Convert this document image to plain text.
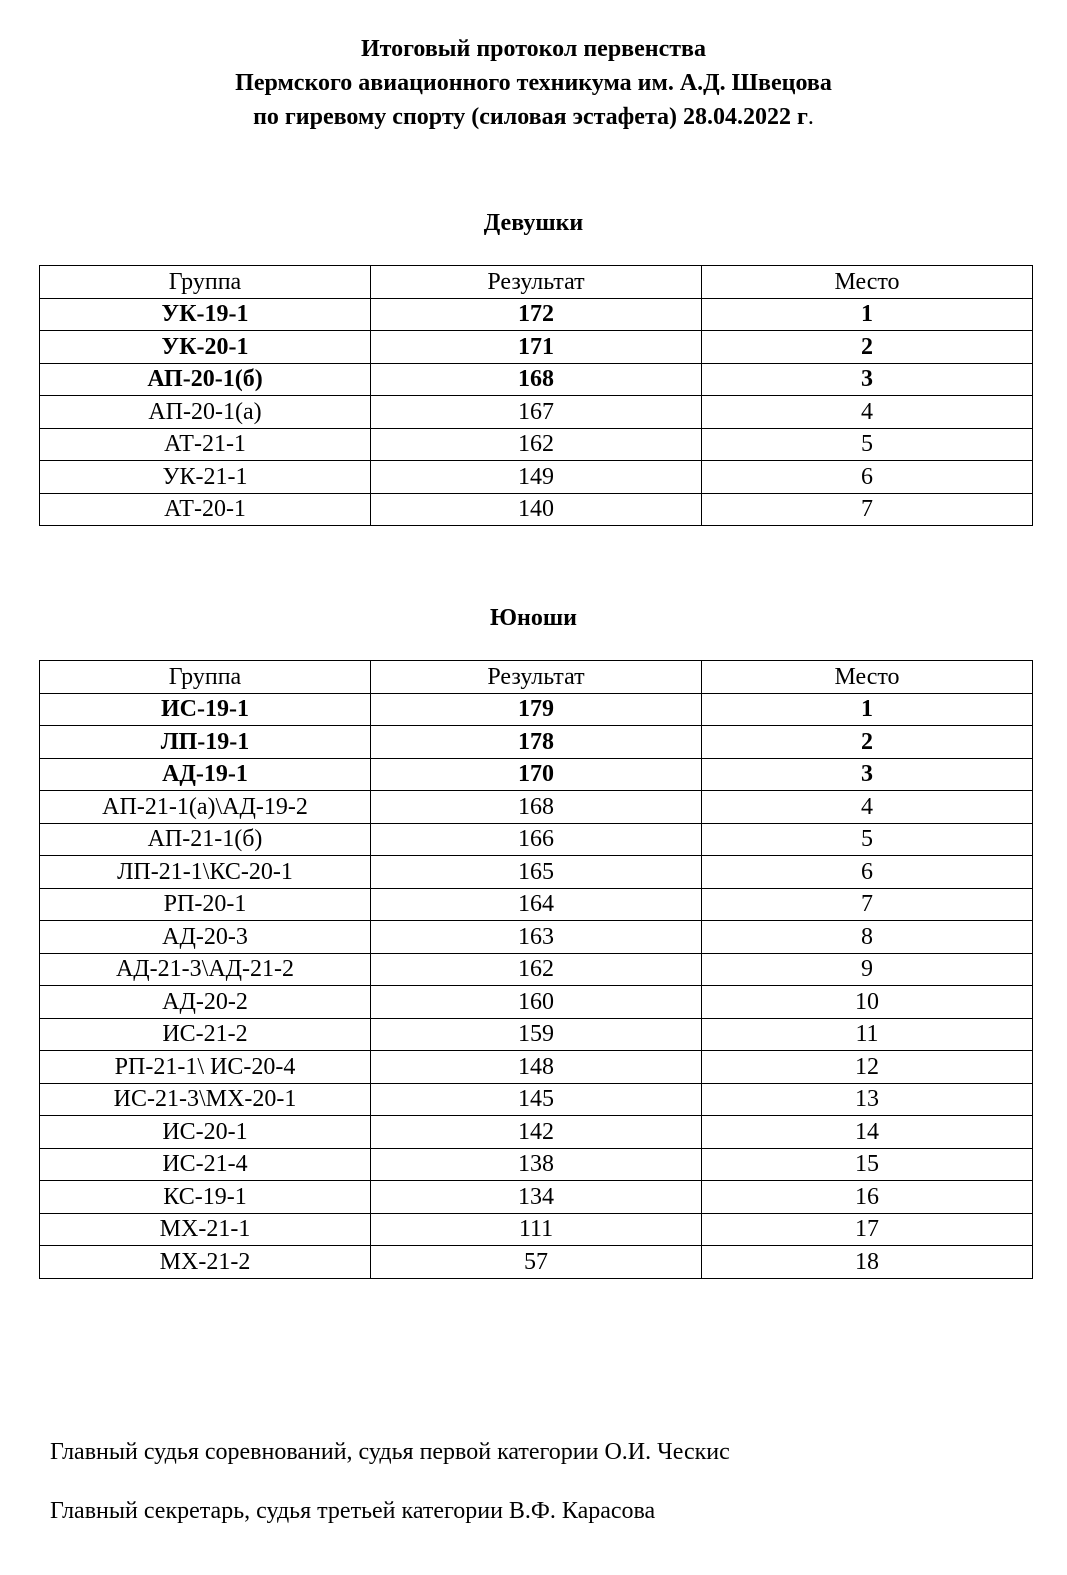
Итоговый протокол первенства
Пермского авиационного техникума им. А.Д. Швецова
по гиревому спорту (силовая эстафета) 28.04.2022 г.
Девушки
Группа	Результат	Место
УК-19-1	172	1
УК-20-1	171	2
АП-20-1(б)	168	3
АП-20-1(а)	167	4
АТ-21-1	162	5
УК-21-1	149	6
АТ-20-1	140	7
Юноши
Группа	Результат	Место
ИС-19-1	179	1
ЛП-19-1	178	2
АД-19-1	170	3
АП-21-1(а)\АД-19-2	168	4
АП-21-1(б)	166	5
ЛП-21-1\КС-20-1	165	6
РП-20-1	164	7
АД-20-3	163	8
АД-21-3\АД-21-2	162	9
АД-20-2	160	10
ИС-21-2	159	11
РП-21-1\ ИС-20-4	148	12
ИС-21-3\МХ-20-1	145	13
ИС-20-1	142	14
ИС-21-4	138	15
КС-19-1	134	16
МХ-21-1	111	17
МХ-21-2	57	18
Главный судья соревнований, судья первой категории О.И. Ческис
Главный секретарь, судья третьей категории В.Ф. Карасова
